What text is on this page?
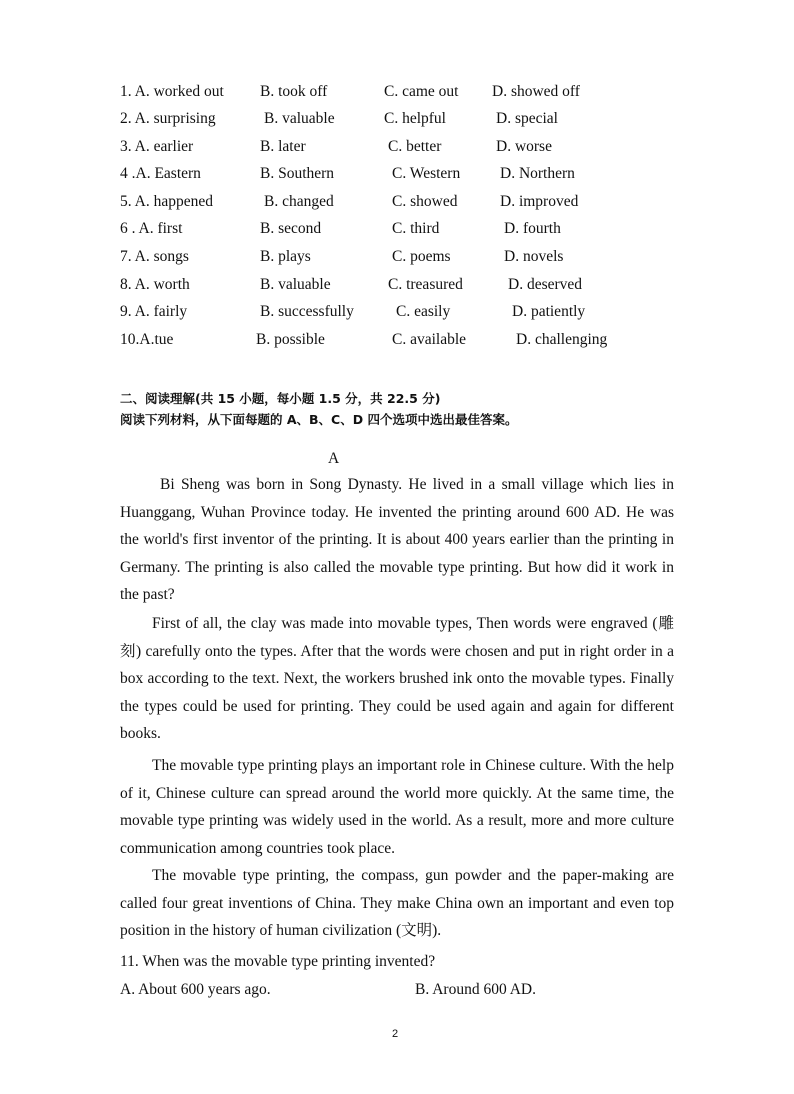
1. A. worked out B. took off	C. came out D. showed off
2. A. surprising	B. valuable	C. helpful	D. special
3. A. earlier	B. later	C. better	D. worse
4 .A. Eastern	B. Southern	C. Western	D. Northern
5. A. happened	B. changed	C. showed	D. improved
6 . A. first	B. second	C. third	D. fourth
7. A. songs	B. plays	C. poems	D. novels
8. A. worth	B. valuable	C. treasured	D. deserved
9. A. fairly	B. successfully	C. easily	D. patiently
10.A.tue	B. possible	C. available	D. challenging
二、阅读理解(共 15 小题，每小题 1.5 分，共 22.5 分)
阅读下列材料，从下面每题的 A、B、C、D 四个选项中选出最佳答案。
A

Bi Sheng was born in Song Dynasty. He lived in a small village which lies in Huanggang, Wuhan Province today. He invented the printing around 600 AD. He was the world's first inventor of the printing. It is about 400 years earlier than the printing in Germany. The printing is also called the movable type printing. But how did it work in the past?

First of all, the clay was made into movable types, Then words were engraved (雕刻) carefully onto the types. After that the words were chosen and put in right order in a box according to the text. Next, the workers brushed ink onto the movable types. Finally the types could be used for printing. They could be used again and again for different books.

The movable type printing plays an important role in Chinese culture. With the help of it, Chinese culture can spread around the world more quickly. At the same time, the movable type printing was widely used in the world. As a result, more and more culture communication among countries took place.

The movable type printing, the compass, gun powder and the paper-making are called four great inventions of China. They make China own an important and even top position in the history of human civilization (文明).

11. When was the movable type printing invented?
A. About 600 years ago.	B. Around 600 AD.
2
